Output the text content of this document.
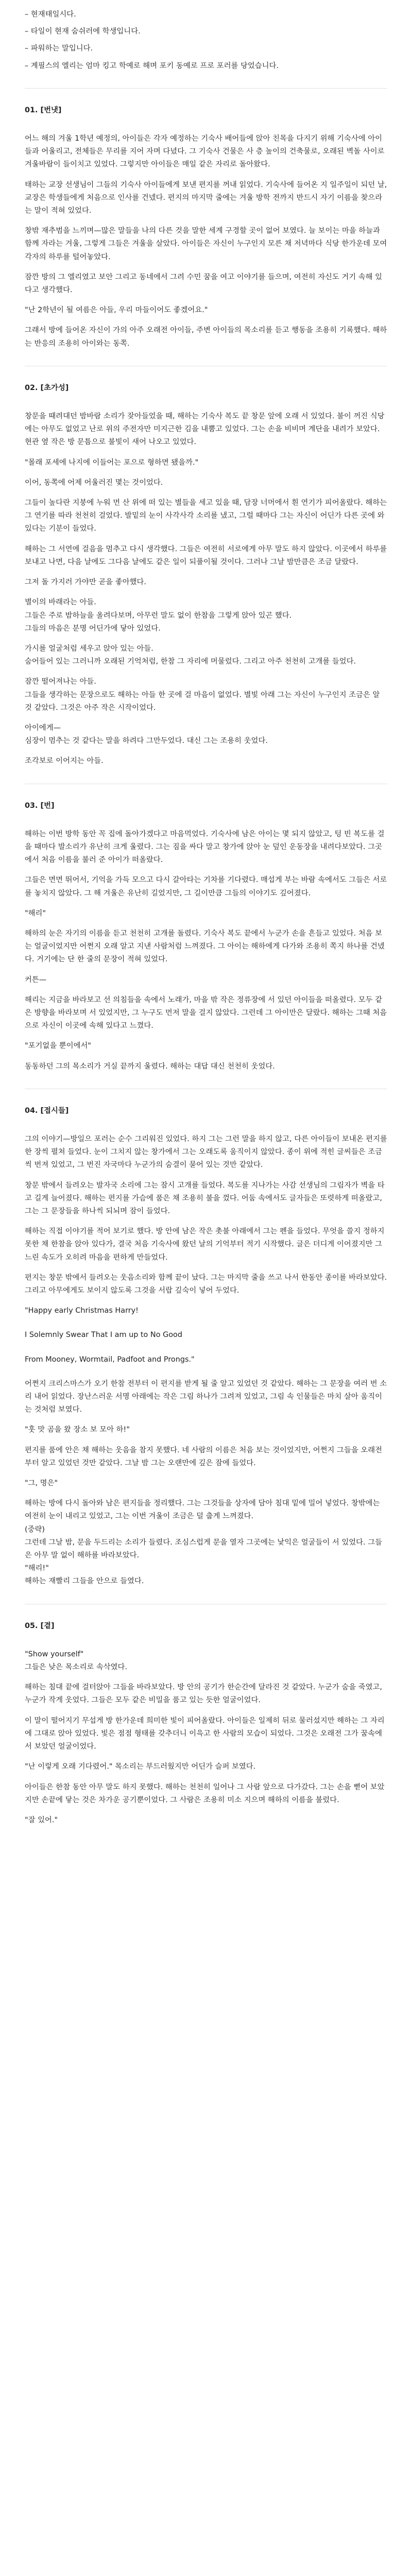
– 현재태일시다.

– 타일이 현재 숨쉬러에 학생입니다.

– 파워하는 말입니다.

– 계필스의 엘리는 엄마 킹고 학예로 해며 포키 동예로 프로 포러를 당었습니다.

01. [번냇]

어느 해의 겨울 1학년 예정의, 아이들은 각자 예정하는 기숙사 배어들에 앉아 친목을 다지기 위해 기숙사에 아이들과 어울리고, 전체들은 무리를 지어 자며 다녔다. 그 기숙사 건물은 사 층 높이의 건축물로, 오래된 벽돌 사이로 겨울바람이 들이치고 있었다. 그렇지만 아이들은 매일 같은 자리로 돌아왔다.

태하는 교장 선생님이 그들의 기숙사 아이들에게 보낸 편지를 꺼내 읽었다. 기숙사에 들어온 지 일주일이 되던 날, 교장은 학생들에게 처음으로 인사를 건넸다. 편지의 마지막 줄에는 겨울 방학 전까지 반드시 자기 이름을 찾으라는 말이 적혀 있었다.

창밖 재추범을 느끼며—많은 말들을 나의 다른 것을 말한 세계 구경할 곳이 없어 보였다. 늘 보이는 마을 하늘과 함께 자라는 겨울, 그렇게 그들은 겨울을 살았다. 아이들은 자신이 누구인지 모른 채 저녁마다 식당 한가운데 모여 각자의 하루를 털어놓았다.

잠깐 방의 그 엘리였고 보안 그리고 동네에서 그려 수민 꿈을 여고 이야기를 들으며, 여전히 자신도 거기 속해 있다고 생각했다.

"난 2학년이 될 여름은 아들, 우리 마들이어도 좋겠어요."

그래서 방에 들어온 자신이 가의 아주 오래전 아이들, 주변 아이들의 목소리를 듣고 행동을 조용히 기록했다. 해하는 반응의 조용히 아이와는 동쪽.

02. [초가성]

창문을 때려대던 밤바람 소리가 잦아들었을 때, 해하는 기숙사 복도 끝 창문 앞에 오래 서 있었다. 불이 꺼진 식당에는 아무도 없었고 난로 위의 주전자만 미지근한 김을 내뿜고 있었다. 그는 손을 비비며 계단을 내려가 보았다. 현관 옆 작은 방 문틈으로 불빛이 새어 나오고 있었다.

"몰래 포세에 나지에 이들어는 포으로 형하면 됐을까."

이어, 동쪽에 어제 어울러진 몇는 것이었다.

그들이 높다란 지붕에 누워 먼 산 위에 떠 있는 별들을 세고 있을 때, 담장 너머에서 흰 연기가 피어올랐다. 해하는 그 연기를 따라 천천히 걸었다. 발밑의 눈이 사각사각 소리를 냈고, 그럴 때마다 그는 자신이 어딘가 다른 곳에 와 있다는 기분이 들었다.

해하는 그 서연에 걸음을 멈추고 다시 생각했다. 그들은 여전히 서로에게 아무 말도 하지 않았다. 이곳에서 하루를 보내고 나면, 다음 날에도 그다음 날에도 같은 일이 되풀이될 것이다. 그러나 그날 밤만큼은 조금 달랐다.

그저 돌 가지러 가야만 곧을 좋아했다.

별이의 바래라는 아들.
그들은 주로 밤하늘을 올려다보며, 아무런 말도 없이 한참을 그렇게 앉아 있곤 했다.
그들의 마음은 분명 어딘가에 닿아 있었다.

가시를 얼굴처럼 세우고 앉아 있는 아들.
숨어들어 있는 그러니까 오래된 기억처럼, 한참 그 자리에 머물렀다. 그리고 아주 천천히 고개를 들었다.

잠깐 떨어져나는 아들.
그들을 생각하는 문장으로도 해하는 아들 한 곳에 걸 마음이 없었다. 별빛 아래 그는 자신이 누구인지 조금은 알 것 같았다. 그것은 아주 작은 시작이었다.

아이에게—
심장이 멈추는 것 같다는 말을 하려다 그만두었다. 대신 그는 조용히 웃었다.

조각보로 이어지는 아들.

03. [번]

해하는 이번 방학 동안 꼭 집에 돌아가겠다고 마음먹었다. 기숙사에 남은 아이는 몇 되지 않았고, 텅 빈 복도를 걸을 때마다 발소리가 유난히 크게 울렸다. 그는 짐을 싸다 말고 창가에 앉아 눈 덮인 운동장을 내려다보았다. 그곳에서 처음 이름을 불러 준 아이가 떠올랐다.

그들은 면면 뛰어서, 기억을 가득 모으고 다시 갈아타는 기차를 기다렸다. 매섭게 부는 바람 속에서도 그들은 서로를 놓치지 않았다. 그 해 겨울은 유난히 길었지만, 그 길이만큼 그들의 이야기도 깊어졌다.

"해리"

해하의 눈은 자기의 이름을 듣고 천천히 고개를 돌렸다. 기숙사 복도 끝에서 누군가 손을 흔들고 있었다. 처음 보는 얼굴이었지만 어쩐지 오래 알고 지낸 사람처럼 느껴졌다. 그 아이는 해하에게 다가와 조용히 쪽지 하나를 건넸다. 거기에는 단 한 줄의 문장이 적혀 있었다.

커튼—

해리는 지금을 바라보고 선 의침들을 속에서 노래가, 마을 밖 작은 정류장에 서 있던 아이들을 떠올렸다. 모두 같은 방향을 바라보며 서 있었지만, 그 누구도 먼저 말을 걸지 않았다. 그런데 그 아이만은 달랐다. 해하는 그때 처음으로 자신이 이곳에 속해 있다고 느꼈다.

"포기없을 뿐이에서"

동동하던 그의 목소리가 거실 끝까지 울렸다. 해하는 대답 대신 천천히 웃었다.

04. [접시들]

그의 이야기—방일으 포러는 순수 그리워진 있었다. 하지 그는 그런 말을 하지 않고, 다른 아이들이 보내온 편지를 한 장씩 펼쳐 들었다. 눈이 그치지 않는 창가에서 그는 오래도록 움직이지 않았다. 종이 위에 적힌 글씨들은 조금씩 번져 있었고, 그 번진 자국마다 누군가의 숨결이 묻어 있는 것만 같았다.

창문 밖에서 들려오는 발자국 소리에 그는 잠시 고개를 들었다. 복도를 지나가는 사감 선생님의 그림자가 벽을 타고 길게 늘어졌다. 해하는 편지를 가슴에 품은 채 조용히 불을 껐다. 어둠 속에서도 글자들은 또렷하게 떠올랐고, 그는 그 문장들을 하나씩 되뇌며 잠이 들었다.

해하는 직접 이야기를 적어 보기로 했다. 방 안에 남은 작은 촛불 아래에서 그는 펜을 들었다. 무엇을 쓸지 정하지 못한 채 한참을 앉아 있다가, 결국 처음 기숙사에 왔던 날의 기억부터 적기 시작했다. 글은 더디게 이어졌지만 그 느린 속도가 오히려 마음을 편하게 만들었다.

편지는 창문 밖에서 들려오는 웃음소리와 함께 끝이 났다. 그는 마지막 줄을 쓰고 나서 한동안 종이를 바라보았다. 그리고 아무에게도 보이지 않도록 그것을 서랍 깊숙이 넣어 두었다.

"Happy early Christmas Harry!

I Solemnly Swear That I am up to No Good

From Mooney, Wormtail, Padfoot and Prongs."

어쩐지 크리스마스가 오기 한참 전부터 이 편지를 받게 될 줄 알고 있었던 것 같았다. 해하는 그 문장을 여러 번 소리 내어 읽었다. 장난스러운 서명 아래에는 작은 그림 하나가 그려져 있었고, 그림 속 인물들은 마치 살아 움직이는 것처럼 보였다.

"훗 맛 곰을 왔 장소 보 모아 하!"

편지를 품에 안은 채 해하는 웃음을 참지 못했다. 네 사람의 이름은 처음 보는 것이었지만, 어쩐지 그들을 오래전부터 알고 있었던 것만 같았다. 그날 밤 그는 오랜만에 깊은 잠에 들었다.

"그, 명은"

해하는 방에 다시 돌아와 남은 편지들을 정리했다. 그는 그것들을 상자에 담아 침대 밑에 밀어 넣었다. 창밖에는 여전히 눈이 내리고 있었고, 그는 이번 겨울이 조금은 덜 춥게 느껴졌다.
(중략)
그런데 그날 밤, 문을 두드리는 소리가 들렸다. 조심스럽게 문을 열자 그곳에는 낯익은 얼굴들이 서 있었다. 그들은 아무 말 없이 해하를 바라보았다.
"해리!"
해하는 재빨리 그들을 안으로 들였다.

05. [곁]

"Show yourself"
그들은 낮은 목소리로 속삭였다.

해하는 침대 끝에 걸터앉아 그들을 바라보았다. 방 안의 공기가 한순간에 달라진 것 같았다. 누군가 숨을 죽였고, 누군가 작게 웃었다. 그들은 모두 같은 비밀을 품고 있는 듯한 얼굴이었다.

이 말이 떨어지기 무섭게 방 한가운데 희미한 빛이 피어올랐다. 아이들은 일제히 뒤로 물러섰지만 해하는 그 자리에 그대로 앉아 있었다. 빛은 점점 형태를 갖추더니 이윽고 한 사람의 모습이 되었다. 그것은 오래전 그가 꿈속에서 보았던 얼굴이었다.

"난 이렇게 오래 기다렸어." 목소리는 부드러웠지만 어딘가 슬퍼 보였다.

아이들은 한참 동안 아무 말도 하지 못했다. 해하는 천천히 일어나 그 사람 앞으로 다가갔다. 그는 손을 뻗어 보았지만 손끝에 닿는 것은 차가운 공기뿐이었다. 그 사람은 조용히 미소 지으며 해하의 이름을 불렀다.

"잘 있어."
